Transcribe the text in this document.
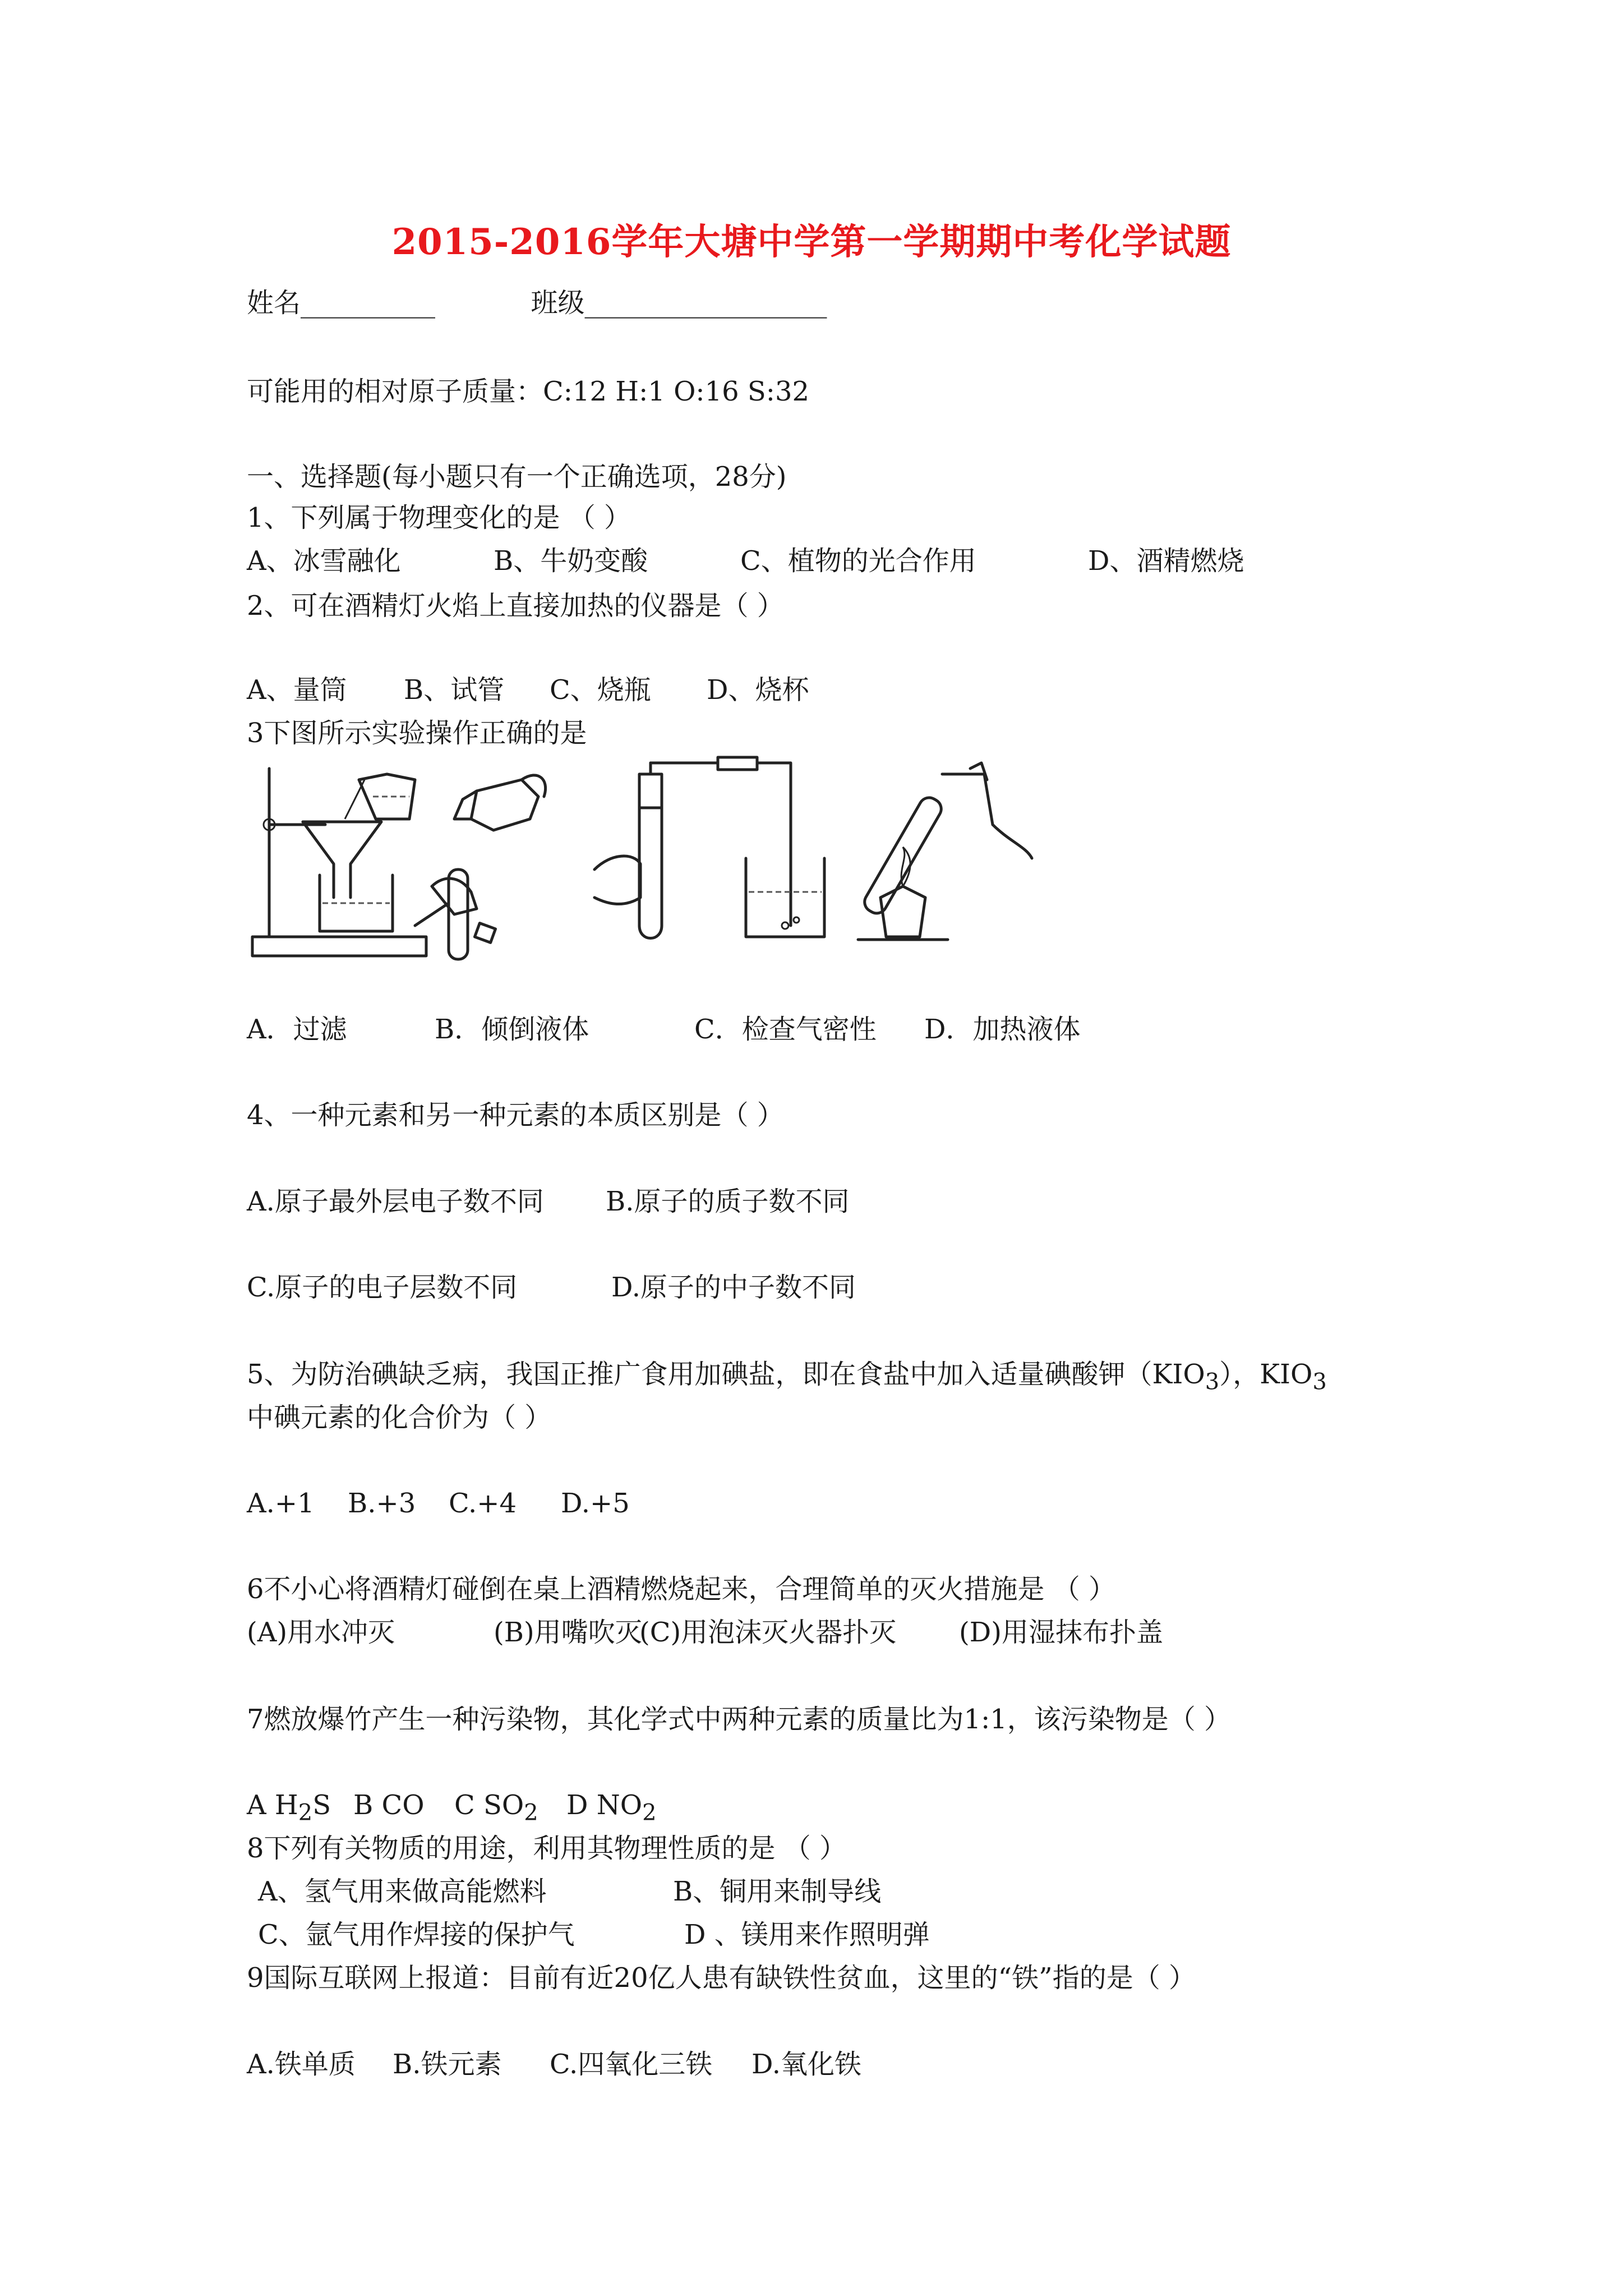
2015-2016学年大塘中学第一学期期中考化学试题
姓名__________	班级__________________
可能用的相对原子质量：C:12 H:1 O:16 S:32
一、选择题(每小题只有一个正确选项，28分)
1、下列属于物理变化的是 （ ）
A、冰雪融化	B、牛奶变酸	C、植物的光合作用	D、酒精燃烧
2、可在酒精灯火焰上直接加热的仪器是（ ）
A、量筒 B、试管 C、烧瓶 D、烧杯
3下图所示实验操作正确的是
A．过滤	B．倾倒液体	C．检查气密性 D．加热液体
4、一种元素和另一种元素的本质区别是（ ）
A.原子最外层电子数不同 B.原子的质子数不同
C.原子的电子层数不同	D.原子的中子数不同
5、为防治碘缺乏病，我国正推广食用加碘盐，即在食盐中加入适量碘酸钾$(KIO_3)$，$KIO_3$
中碘元素的化合价为（ ）
A.+1 B.+3 C.+4 D.+5
6不小心将酒精灯碰倒在桌上酒精燃烧起来，合理简单的灭火措施是 （ ）
(A)用水冲灭	(B)用嘴吹灭(C)用泡沫灭火器扑灭 (D)用湿抹布扑盖
7燃放爆竹产生一种污染物，其化学式中两种元素的质量比为1:1，该污染物是（ ）
A $H_2S$ B CO C $SO_2$ D $NO_2$
8下列有关物质的用途，利用其物理性质的是 （ ）
A、氢气用来做高能燃料	B、铜用来制导线
C、氩气用作焊接的保护气	D 、镁用来作照明弹
9国际互联网上报道：目前有近20亿人患有缺铁性贫血，这里的“铁”指的是（ ）
A.铁单质 B.铁元素 C.四氧化三铁 D.氧化铁
